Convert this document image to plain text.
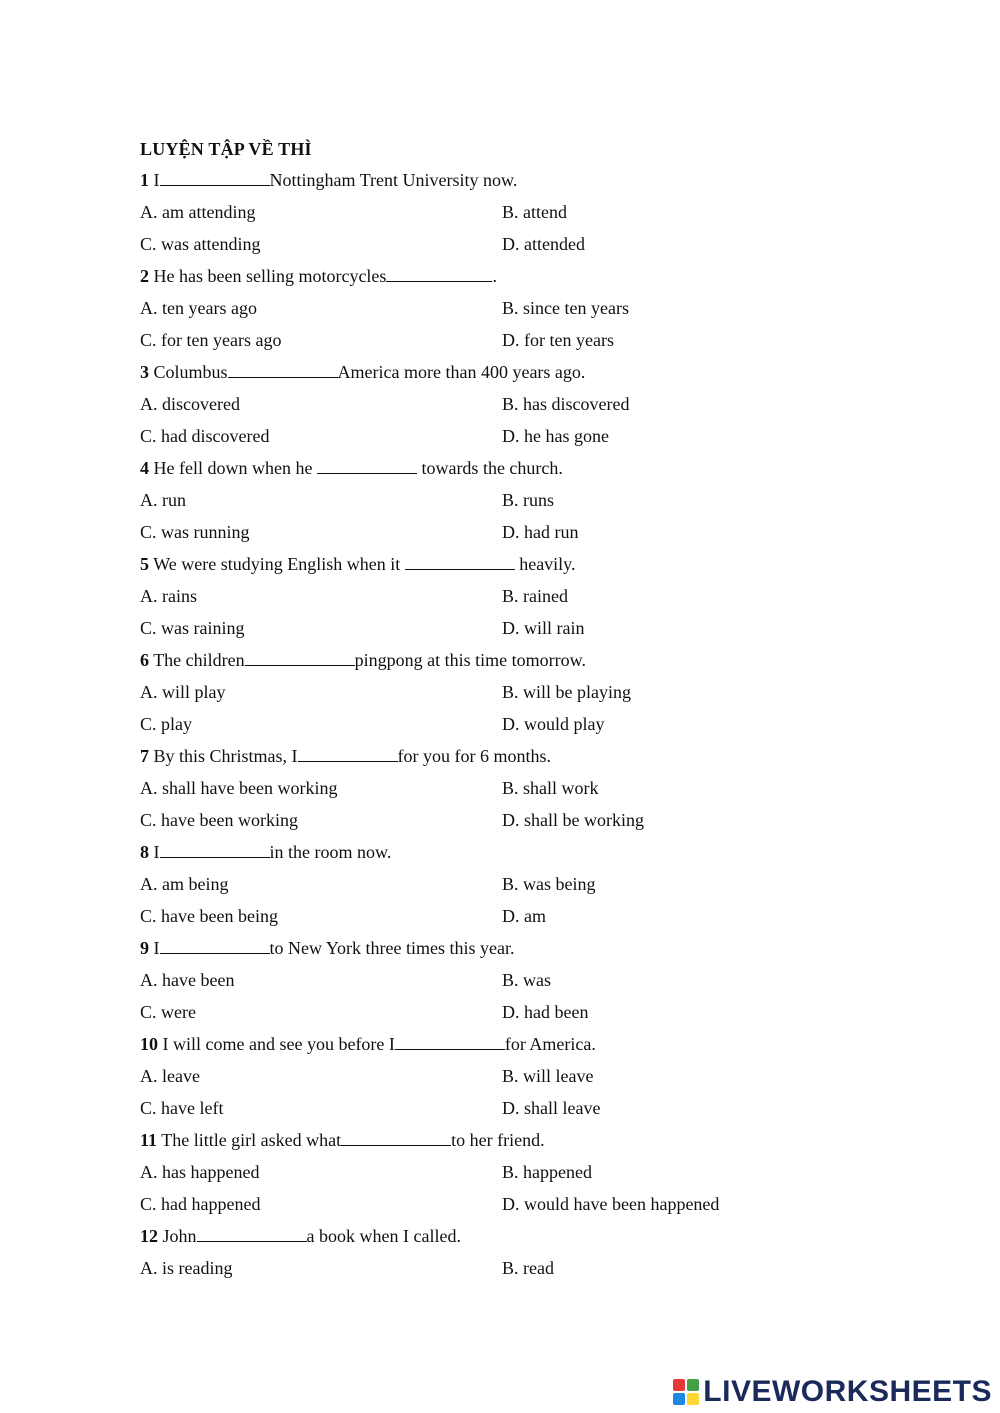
LUYỆN TẬP VỀ THÌ
1 I	Nottingham Trent University now.
A. am attending	B. attend
C. was attending	D. attended
2 He has been selling motorcycles	.
A. ten years ago	B. since ten years
C. for ten years ago	D. for ten years
3 Columbus	America more than 400 years ago.
A. discovered	B. has discovered
C. had discovered	D. he has gone
4 He fell down when he	towards the church.
A. run	B. runs
C. was running	D. had run
5 We were studying English when it	heavily.
A. rains	B. rained
C. was raining	D. will rain
6 The children	pingpong at this time tomorrow.
A. will play	B. will be playing
C. play	D. would play
7 By this Christmas, I	for you for 6 months.
A. shall have been working	B. shall work
C. have been working	D. shall be working
8 I	in the room now.
A. am being	B. was being
C. have been being	D. am
9 I	to New York three times this year.
A. have been	B. was
C. were	D. had been
10 I will come and see you before I	for America.
A. leave	B. will leave
C. have left	D. shall leave
11 The little girl asked what	to her friend.
A. has happened	B. happened
C. had happened	D. would have been happened
12 John	a book when I called.
A. is reading	B. read
LIVEWORKSHEETS
